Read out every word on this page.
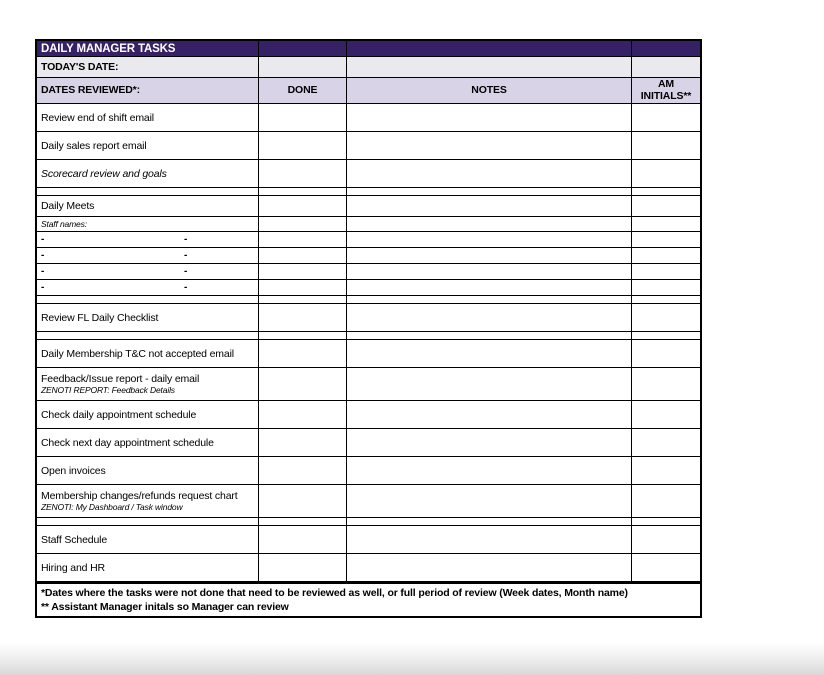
DAILY MANAGER TASKS
TODAY'S DATE:
DATES REVIEWED*:	DONE	NOTES	AM INITIALS**
Review end of shift email
Daily sales report email
Scorecard review and goals
Daily Meets
Staff names:
-	-
-	-
-	-
-	-
Review FL Daily Checklist
Daily Membership T&C not accepted email
Feedback/Issue report - daily email
ZENOTI REPORT: Feedback Details
Check daily appointment schedule
Check next day appointment schedule
Open invoices
Membership changes/refunds request chart
ZENOTI: My Dashboard / Task window
Staff Schedule
Hiring and HR
*Dates where the tasks were not done that need to be reviewed as well, or full period of review (Week dates, Month name)
** Assistant Manager initals so Manager can review
